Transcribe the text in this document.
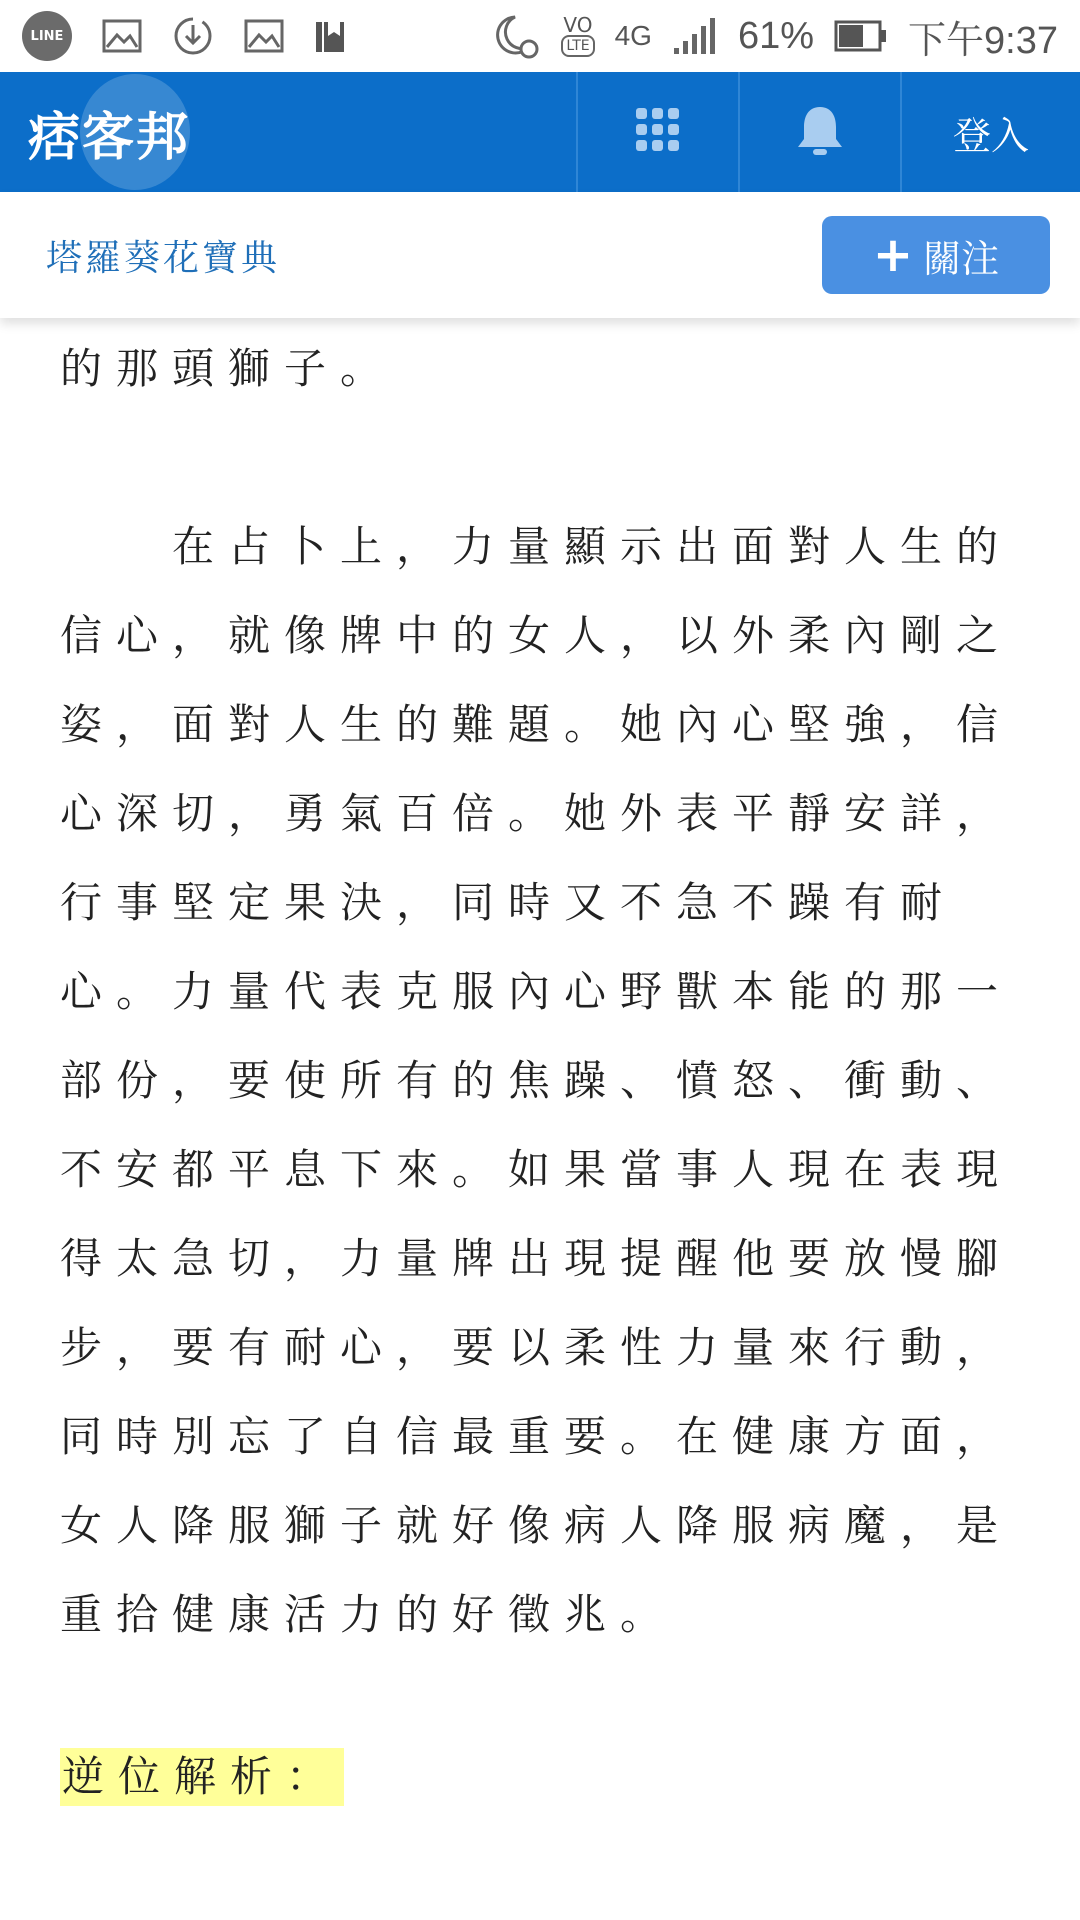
LINE	VO
LTE 4G 61% 下午9:37
痞客邦	登入
塔羅葵花寶典	+ 關注

的那頭獅子。

在占卜上，力量顯示出面對人生的信心，就像牌中的女人，以外柔內剛之姿，面對人生的難題。她內心堅強，信心深切，勇氣百倍。她外表平靜安詳，行事堅定果決，同時又不急不躁有耐心。力量代表克服內心野獸本能的那一部份，要使所有的焦躁、憤怒、衝動、不安都平息下來。如果當事人現在表現得太急切，力量牌出現提醒他要放慢腳步，要有耐心，要以柔性力量來行動，同時別忘了自信最重要。在健康方面，女人降服獅子就好像病人降服病魔，是重拾健康活力的好徵兆。

逆位解析：
